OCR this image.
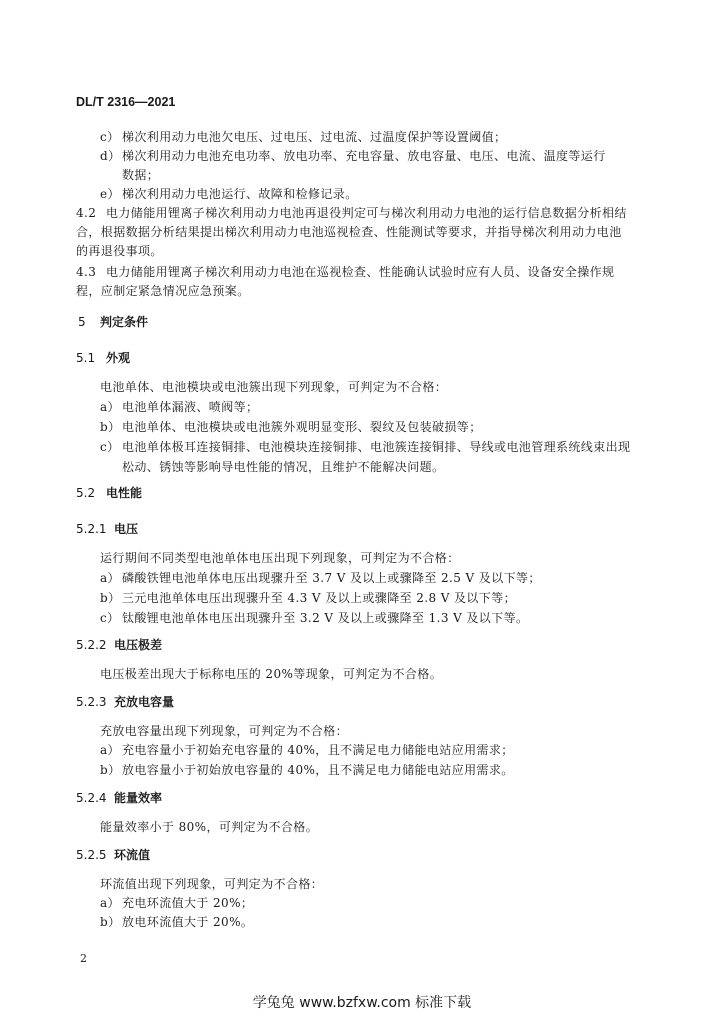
DL/T 2316—2021
c） 梯次利用动力电池欠电压、过电压、过电流、过温度保护等设置阈值；
d） 梯次利用动力电池充电功率、放电功率、充电容量、放电容量、电压、电流、温度等运行
数据；
e） 梯次利用动力电池运行、故障和检修记录。
4.2 电力储能用锂离子梯次利用动力电池再退役判定可与梯次利用动力电池的运行信息数据分析相结
合，根据数据分析结果提出梯次利用动力电池巡视检查、性能测试等要求，并指导梯次利用动力电池
的再退役事项。
4.3 电力储能用锂离子梯次利用动力电池在巡视检查、性能确认试验时应有人员、设备安全操作规
程，应制定紧急情况应急预案。
5 判定条件
5.1 外观
电池单体、电池模块或电池簇出现下列现象，可判定为不合格：
a） 电池单体漏液、喷阀等；
b） 电池单体、电池模块或电池簇外观明显变形、裂纹及包装破损等；
c） 电池单体极耳连接铜排、电池模块连接铜排、电池簇连接铜排、导线或电池管理系统线束出现
松动、锈蚀等影响导电性能的情况，且维护不能解决问题。
5.2 电性能
5.2.1 电压
运行期间不同类型电池单体电压出现下列现象，可判定为不合格：
a） 磷酸铁锂电池单体电压出现骤升至 3.7 V 及以上或骤降至 2.5 V 及以下等；
b） 三元电池单体电压出现骤升至 4.3 V 及以上或骤降至 2.8 V 及以下等；
c） 钛酸锂电池单体电压出现骤升至 3.2 V 及以上或骤降至 1.3 V 及以下等。
5.2.2 电压极差
电压极差出现大于标称电压的 20%等现象，可判定为不合格。
5.2.3 充放电容量
充放电容量出现下列现象，可判定为不合格：
a） 充电容量小于初始充电容量的 40%，且不满足电力储能电站应用需求；
b） 放电容量小于初始放电容量的 40%，且不满足电力储能电站应用需求。
5.2.4 能量效率
能量效率小于 80%，可判定为不合格。
5.2.5 环流值
环流值出现下列现象，可判定为不合格：
a） 充电环流值大于 20%；
b） 放电环流值大于 20%。
2
学兔兔 www.bzfxw.com 标准下载
